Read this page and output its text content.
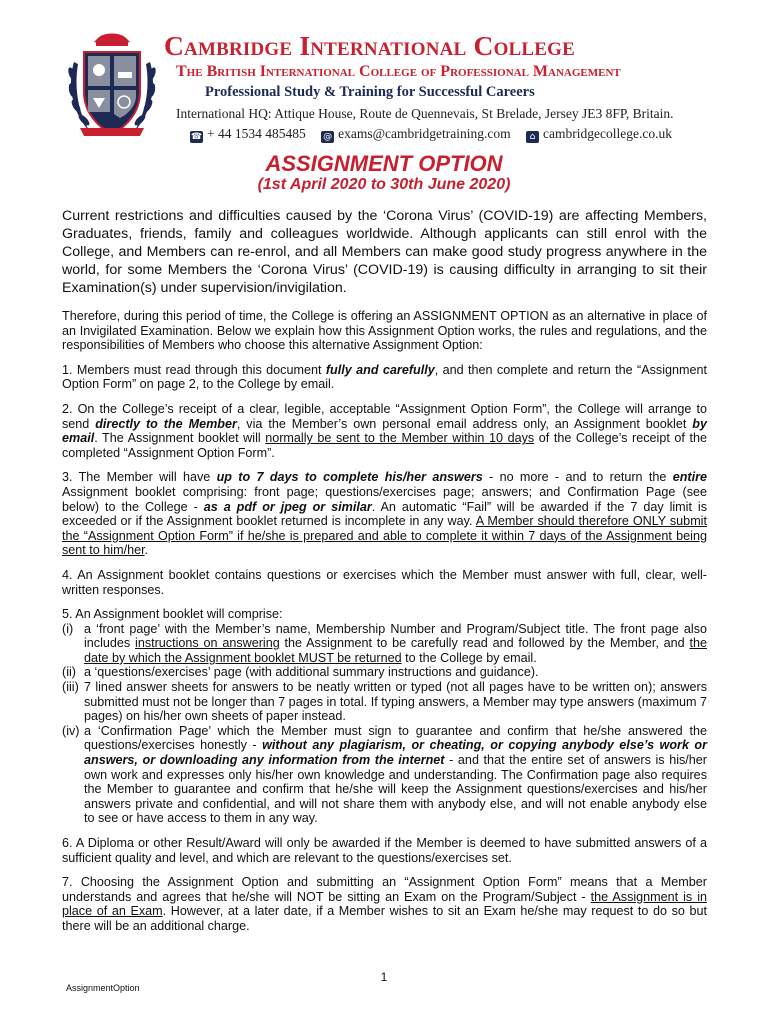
Cambridge International College
The British International College of Professional Management
Professional Study & Training for Successful Careers
International HQ: Attique House, Route de Quennevais, St Brelade, Jersey JE3 8FP, Britain.
☎ + 44 1534 485485 @ exams@cambridgetraining.com ⌂ cambridgecollege.co.uk
ASSIGNMENT OPTION
(1st April 2020 to 30th June 2020)

Current restrictions and difficulties caused by the ‘Corona Virus’ (COVID-19) are affecting Members, Graduates, friends, family and colleagues worldwide. Although applicants can still enrol with the College, and Members can re-enrol, and all Members can make good study progress anywhere in the world, for some Members the ‘Corona Virus’ (COVID-19) is causing difficulty in arranging to sit their Examination(s) under supervision/invigilation.

Therefore, during this period of time, the College is offering an ASSIGNMENT OPTION as an alternative in place of an Invigilated Examination. Below we explain how this Assignment Option works, the rules and regulations, and the responsibilities of Members who choose this alternative Assignment Option:

1. Members must read through this document fully and carefully, and then complete and return the “Assignment Option Form” on page 2, to the College by email.

2. On the College’s receipt of a clear, legible, acceptable “Assignment Option Form”, the College will arrange to send directly to the Member, via the Member’s own personal email address only, an Assignment booklet by email. The Assignment booklet will normally be sent to the Member within 10 days of the College’s receipt of the completed “Assignment Option Form”.

3. The Member will have up to 7 days to complete his/her answers - no more - and to return the entire Assignment booklet comprising: front page; questions/exercises page; answers; and Confirmation Page (see below) to the College - as a pdf or jpeg or similar. An automatic “Fail” will be awarded if the 7 day limit is exceeded or if the Assignment booklet returned is incomplete in any way. A Member should therefore ONLY submit the “Assignment Option Form” if he/she is prepared and able to complete it within 7 days of the Assignment being sent to him/her.

4. An Assignment booklet contains questions or exercises which the Member must answer with full, clear, well-written responses.

5. An Assignment booklet will comprise:
(i) a ‘front page’ with the Member’s name, Membership Number and Program/Subject title. The front page also includes instructions on answering the Assignment to be carefully read and followed by the Member, and the date by which the Assignment booklet MUST be returned to the College by email.
(ii) a ‘questions/exercises’ page (with additional summary instructions and guidance).
(iii) 7 lined answer sheets for answers to be neatly written or typed (not all pages have to be written on); answers submitted must not be longer than 7 pages in total. If typing answers, a Member may type answers (maximum 7 pages) on his/her own sheets of paper instead.
(iv) a ‘Confirmation Page’ which the Member must sign to guarantee and confirm that he/she answered the questions/exercises honestly - without any plagiarism, or cheating, or copying anybody else’s work or answers, or downloading any information from the internet - and that the entire set of answers is his/her own work and expresses only his/her own knowledge and understanding. The Confirmation page also requires the Member to guarantee and confirm that he/she will keep the Assignment questions/exercises and his/her answers private and confidential, and will not share them with anybody else, and will not enable anybody else to see or have access to them in any way.

6. A Diploma or other Result/Award will only be awarded if the Member is deemed to have submitted answers of a sufficient quality and level, and which are relevant to the questions/exercises set.

7. Choosing the Assignment Option and submitting an “Assignment Option Form” means that a Member understands and agrees that he/she will NOT be sitting an Exam on the Program/Subject - the Assignment is in place of an Exam. However, at a later date, if a Member wishes to sit an Exam he/she may request to do so but there will be an additional charge.

1
AssignmentOption
